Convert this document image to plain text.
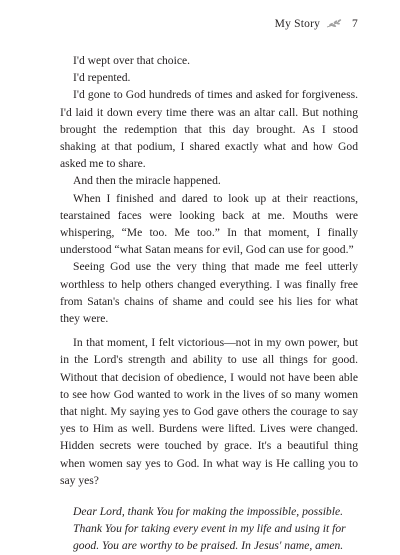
My Story	7

I'd wept over that choice.

I'd repented.

I'd gone to God hundreds of times and asked for forgiveness. I'd laid it down every time there was an altar call. But nothing brought the redemption that this day brought. As I stood shaking at that podium, I shared exactly what and how God asked me to share.

And then the miracle happened.

When I finished and dared to look up at their reactions, tearstained faces were looking back at me. Mouths were whispering, “Me too. Me too.” In that moment, I finally understood “what Satan means for evil, God can use for good.”

Seeing God use the very thing that made me feel utterly worthless to help others changed everything. I was finally free from Satan's chains of shame and could see his lies for what they were.

In that moment, I felt victorious—not in my own power, but in the Lord's strength and ability to use all things for good. Without that decision of obedience, I would not have been able to see how God wanted to work in the lives of so many women that night. My saying yes to God gave others the courage to say yes to Him as well. Burdens were lifted. Lives were changed. Hidden secrets were touched by grace. It's a beautiful thing when women say yes to God. In what way is He calling you to say yes?

Dear Lord, thank You for making the impossible, possible.
Thank You for taking every event in my life and using it for
good. You are worthy to be praised. In Jesus' name, amen.
